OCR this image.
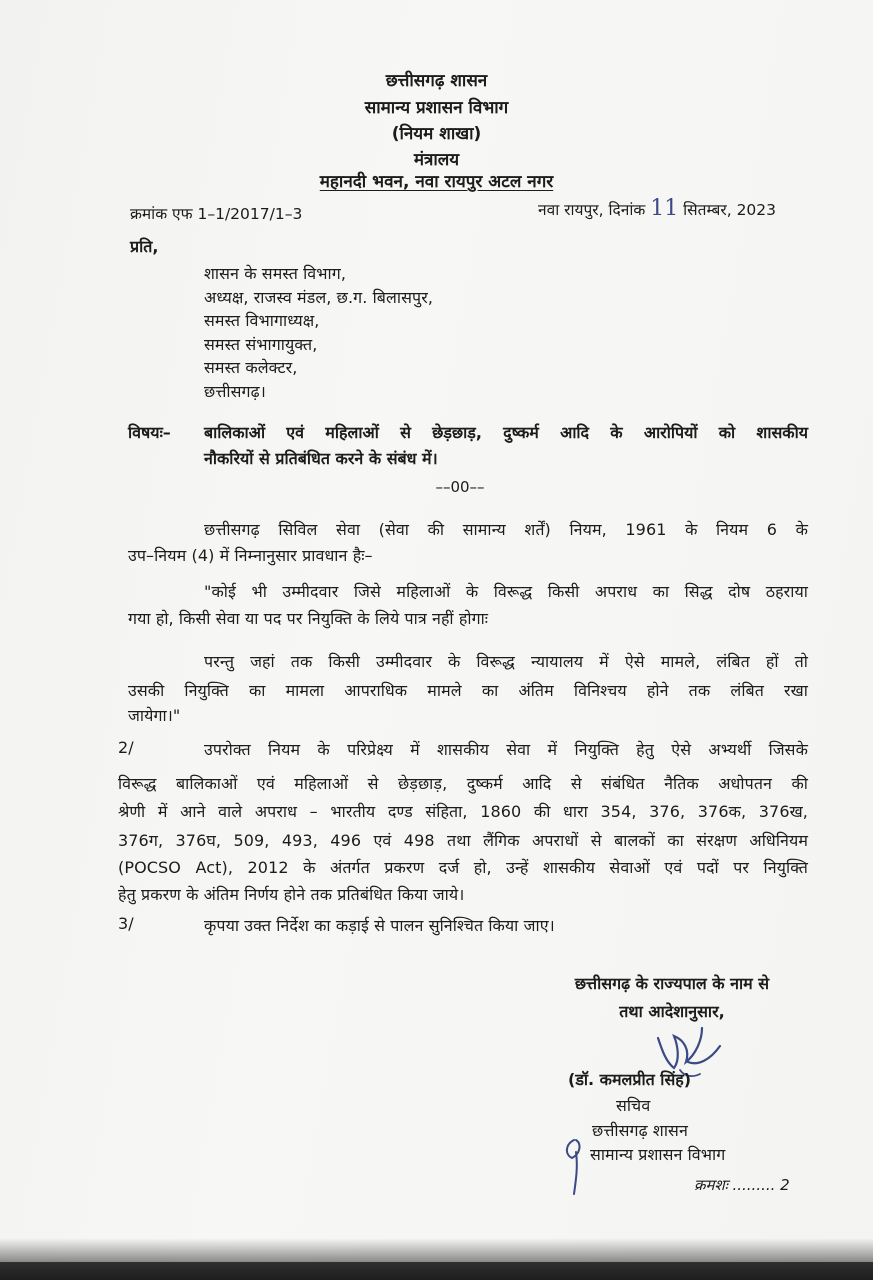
छत्तीसगढ़ शासन
सामान्य प्रशासन विभाग
(नियम शाखा)
मंत्रालय
महानदी भवन, नवा रायपुर अटल नगर
क्रमांक एफ 1–1/2017/1–3	नवा रायपुर, दिनांक 11 सितम्बर, 2023
प्रति,
शासन के समस्त विभाग,
अध्यक्ष, राजस्व मंडल, छ.ग. बिलासपुर,
समस्त विभागाध्यक्ष,
समस्त संभागायुक्त,
समस्त कलेक्टर,
छत्तीसगढ़।
विषयः– बालिकाओं एवं महिलाओं से छेड़छाड़, दुष्कर्म आदि के आरोपियों को शासकीय
नौकरियों से प्रतिबंधित करने के संबंध में।
––00––
छत्तीसगढ़ सिविल सेवा (सेवा की सामान्य शर्तें) नियम, 1961 के नियम 6 के
उप–नियम (4) में निम्नानुसार प्रावधान हैः–
"कोई भी उम्मीदवार जिसे महिलाओं के विरूद्ध किसी अपराध का सिद्ध दोष ठहराया
गया हो, किसी सेवा या पद पर नियुक्ति के लिये पात्र नहीं होगाः
परन्तु जहां तक किसी उम्मीदवार के विरूद्ध न्यायालय में ऐसे मामले, लंबित हों तो
उसकी नियुक्ति का मामला आपराधिक मामले का अंतिम विनिश्चय होने तक लंबित रखा
जायेगा।"
2/	उपरोक्त नियम के परिप्रेक्ष्य में शासकीय सेवा में नियुक्ति हेतु ऐसे अभ्यर्थी जिसके
विरूद्ध बालिकाओं एवं महिलाओं से छेड़छाड़, दुष्कर्म आदि से संबंधित नैतिक अधोपतन की
श्रेणी में आने वाले अपराध – भारतीय दण्ड संहिता, 1860 की धारा 354, 376, 376क, 376ख,
376ग, 376घ, 509, 493, 496 एवं 498 तथा लैंगिक अपराधों से बालकों का संरक्षण अधिनियम
(POCSO Act), 2012 के अंतर्गत प्रकरण दर्ज हो, उन्हें शासकीय सेवाओं एवं पदों पर नियुक्ति
हेतु प्रकरण के अंतिम निर्णय होने तक प्रतिबंधित किया जाये।
3/	कृपया उक्त निर्देश का कड़ाई से पालन सुनिश्चित किया जाए।
छत्तीसगढ़ के राज्यपाल के नाम से
तथा आदेशानुसार,
(डॉ. कमलप्रीत सिंह)
सचिव
छत्तीसगढ़ शासन
सामान्य प्रशासन विभाग
क्रमशः ......... 2
